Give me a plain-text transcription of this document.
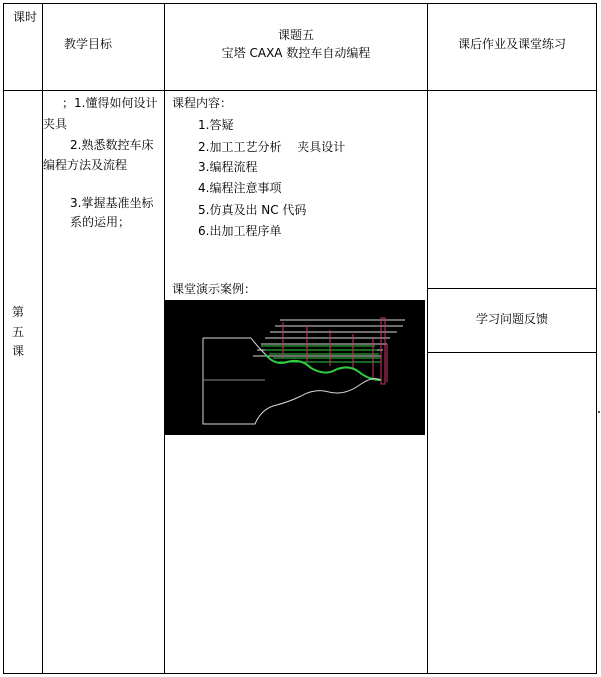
课时
教学目标
课题五
宝塔 CAXA 数控车自动编程
课后作业及课堂练习
第
五
课
；1.懂得如何设计
夹具
2.熟悉数控车床
编程方法及流程
3.掌握基准坐标
系的运用；
课程内容：
1.答疑
2.加工工艺分析　 夹具设计
3.编程流程
4.编程注意事项
5.仿真及出 NC 代码
6.出加工程序单
课堂演示案例：
学习问题反馈
